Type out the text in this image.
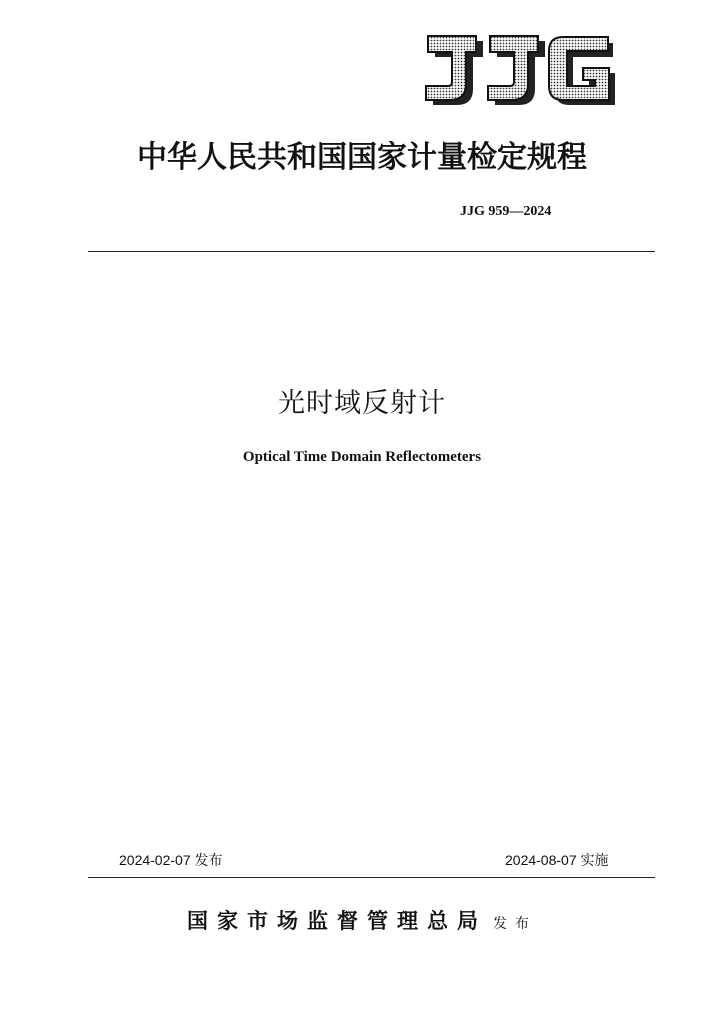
中华人民共和国国家计量检定规程
JJG 959—2024
光时域反射计
Optical Time Domain Reflectometers
2024-02-07 发布	2024-08-07 实施
国家市场监督管理总局 发布
